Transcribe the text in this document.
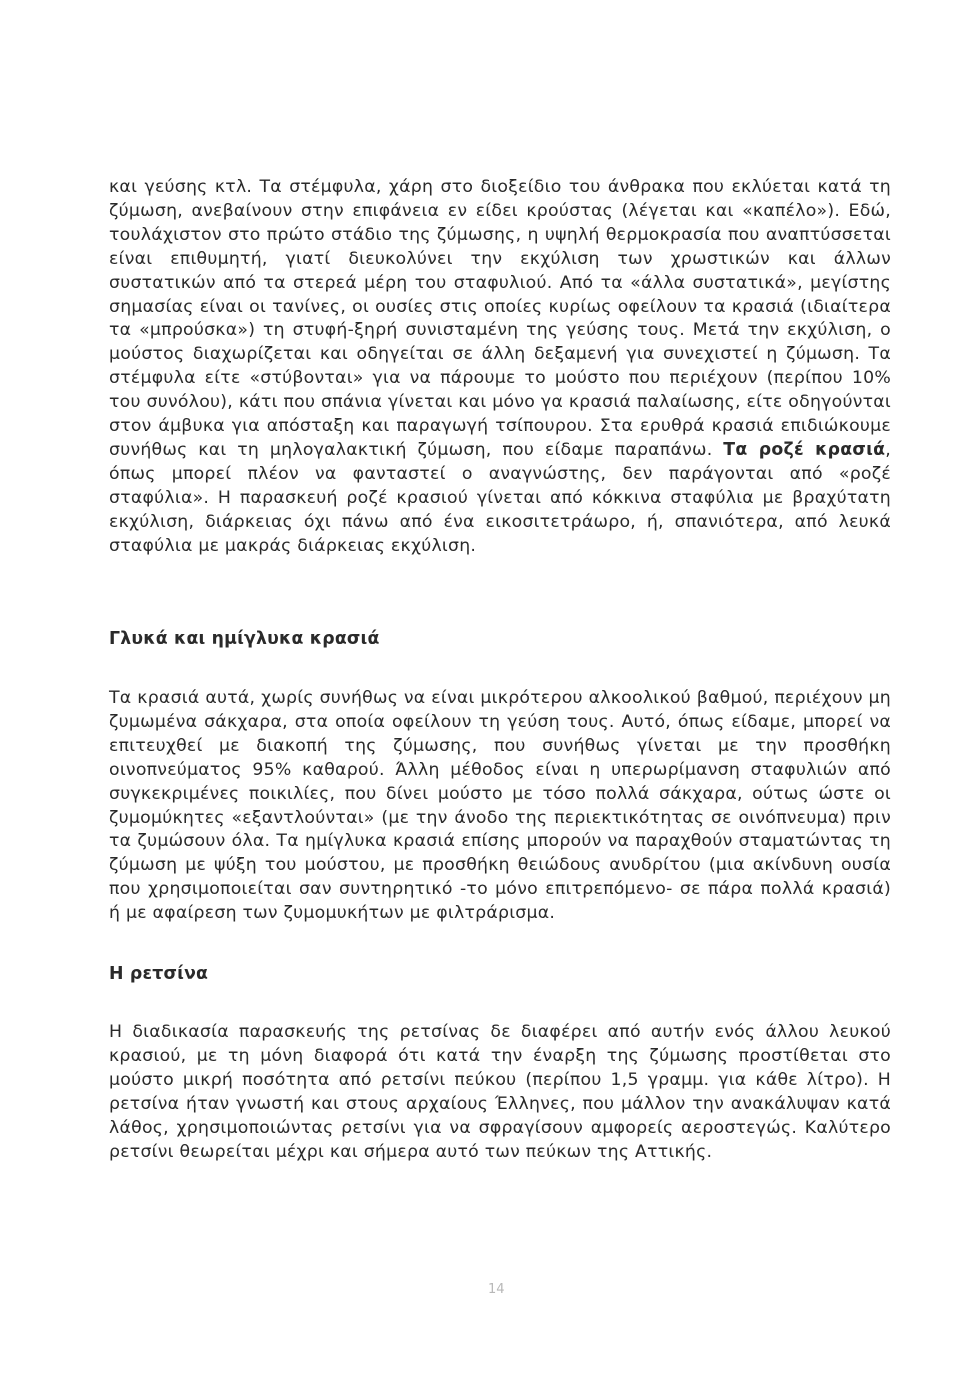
και γεύσης κτλ. Τα στέμφυλα, χάρη στο διοξείδιο του άνθρακα που εκλύεται κατά τη ζύμωση, ανεβαίνουν στην επιφάνεια εν είδει κρούστας (λέγεται και «καπέλο»). Εδώ, τουλάχιστον στο πρώτο στάδιο της ζύμωσης, η υψηλή θερμοκρασία που αναπτύσσεται είναι επιθυμητή, γιατί διευκολύνει την εκχύλιση των χρωστικών και άλλων συστατικών από τα στερεά μέρη του σταφυλιού. Από τα «άλλα συστατικά», μεγίστης σημασίας είναι οι τανίνες, οι ουσίες στις οποίες κυρίως οφείλουν τα κρασιά (ιδιαίτερα τα «μπρούσκα») τη στυφή-ξηρή συνισταμένη της γεύσης τους. Μετά την εκχύλιση, ο μούστος διαχωρίζεται και οδηγείται σε άλλη δεξαμενή για συνεχιστεί η ζύμωση. Τα στέμφυλα είτε «στύβονται» για να πάρουμε το μούστο που περιέχουν (περίπου 10% του συνόλου), κάτι που σπάνια γίνεται και μόνο γα κρασιά παλαίωσης, είτε οδηγούνται στον άμβυκα για απόσταξη και παραγωγή τσίπουρου. Στα ερυθρά κρασιά επιδιώκουμε συνήθως και τη μηλογαλακτική ζύμωση, που είδαμε παραπάνω. Τα ροζέ κρασιά, όπως μπορεί πλέον να φανταστεί ο αναγνώστης, δεν παράγονται από «ροζέ σταφύλια». Η παρασκευή ροζέ κρασιού γίνεται από κόκκινα σταφύλια με βραχύτατη εκχύλιση, διάρκειας όχι πάνω από ένα εικοσιτετράωρο, ή, σπανιότερα, από λευκά σταφύλια με μακράς διάρκειας εκχύλιση.

Γλυκά και ημίγλυκα κρασιά

Τα κρασιά αυτά, χωρίς συνήθως να είναι μικρότερου αλκοολικού βαθμού, περιέχουν μη ζυμωμένα σάκχαρα, στα οποία οφείλουν τη γεύση τους. Αυτό, όπως είδαμε, μπορεί να επιτευχθεί με διακοπή της ζύμωσης, που συνήθως γίνεται με την προσθήκη οινοπνεύματος 95% καθαρού. Άλλη μέθοδος είναι η υπερωρίμανση σταφυλιών από συγκεκριμένες ποικιλίες, που δίνει μούστο με τόσο πολλά σάκχαρα, ούτως ώστε οι ζυμομύκητες «εξαντλούνται» (με την άνοδο της περιεκτικότητας σε οινόπνευμα) πριν τα ζυμώσουν όλα. Τα ημίγλυκα κρασιά επίσης μπορούν να παραχθούν σταματώντας τη ζύμωση με ψύξη του μούστου, με προσθήκη θειώδους ανυδρίτου (μια ακίνδυνη ουσία που χρησιμοποιείται σαν συντηρητικό -το μόνο επιτρεπόμενο- σε πάρα πολλά κρασιά) ή με αφαίρεση των ζυμομυκήτων με φιλτράρισμα.

Η ρετσίνα

Η διαδικασία παρασκευής της ρετσίνας δε διαφέρει από αυτήν ενός άλλου λευκού κρασιού, με τη μόνη διαφορά ότι κατά την έναρξη της ζύμωσης προστίθεται στο μούστο μικρή ποσότητα από ρετσίνι πεύκου (περίπου 1,5 γραμμ. για κάθε λίτρο). Η ρετσίνα ήταν γνωστή και στους αρχαίους Έλληνες, που μάλλον την ανακάλυψαν κατά λάθος, χρησιμοποιώντας ρετσίνι για να σφραγίσουν αμφορείς αεροστεγώς. Καλύτερο ρετσίνι θεωρείται μέχρι και σήμερα αυτό των πεύκων της Αττικής.

14
